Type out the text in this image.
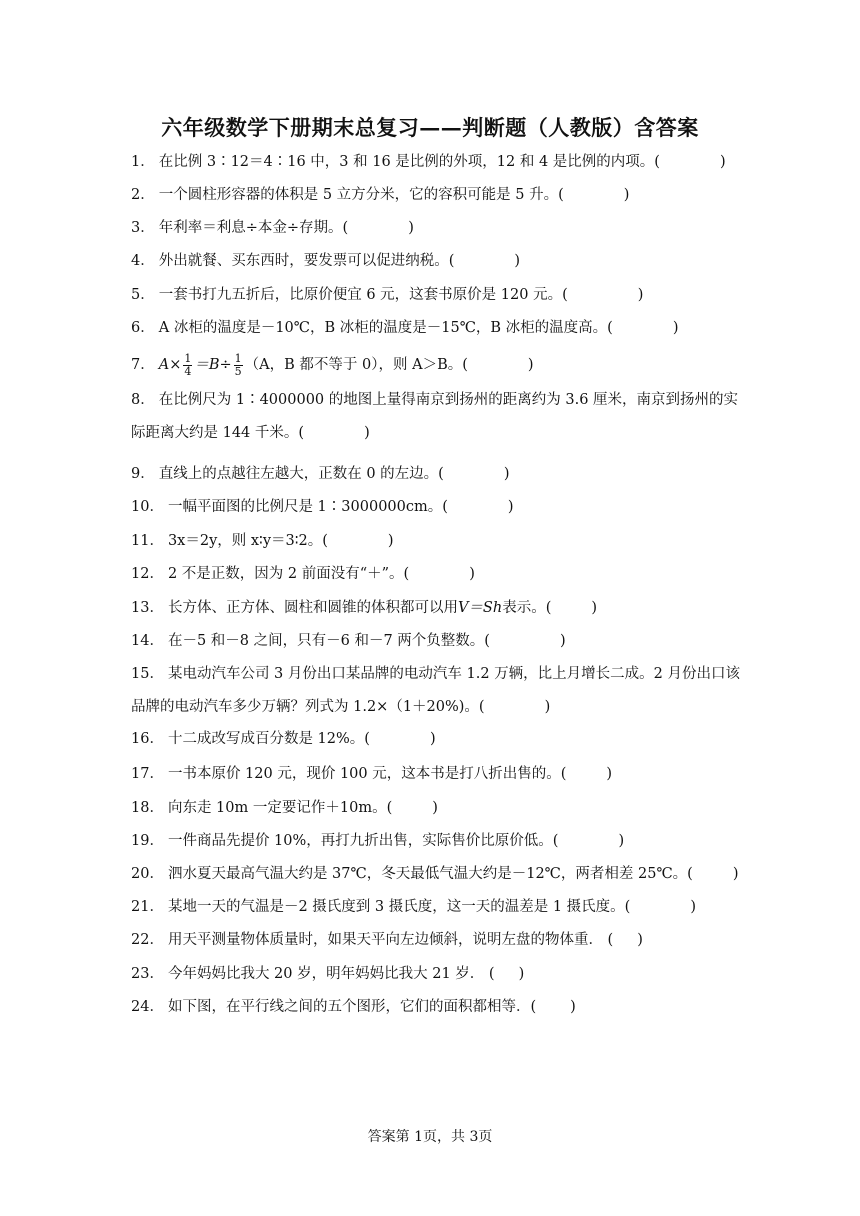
六年级数学下册期末总复习——判断题（人教版）含答案
1． 在比例 3∶12＝4∶16 中，3 和 16 是比例的外项，12 和 4 是比例的内项。(	)
2． 一个圆柱形容器的体积是 5 立方分米，它的容积可能是 5 升。(	)
3． 年利率＝利息÷本金÷存期。(	)
4． 外出就餐、买东西时，要发票可以促进纳税。(	)
5． 一套书打九五折后，比原价便宜 6 元，这套书原价是 120 元。(	)
6． A 冰柜的温度是－10℃，B 冰柜的温度是－15℃，B 冰柜的温度高。(	)
7． $A\times \frac{1}{4} =B\div \frac{1}{5} (A$，B 都不等于 0），则 A＞B。(	)
8． 在比例尺为 1∶4000000 的地图上量得南京到扬州的距离约为 3.6 厘米，南京到扬州的实际距离大约是 144 千米。(	)
9． 直线上的点越往左越大，正数在 0 的左边。(	)
10． 一幅平面图的比例尺是 1∶3000000cm。(	)
11． 3x＝2y，则 x∶y＝3∶2。(	)
12． 2 不是正数，因为 2 前面没有“＋”。(	)
13． 长方体、正方体、圆柱和圆锥的体积都可以用V＝Sh表示。(	)
14． 在－5 和－8 之间，只有－6 和－7 两个负整数。(	)
15． 某电动汽车公司 3 月份出口某品牌的电动汽车 1.2 万辆，比上月增长二成。2 月份出口该品牌的电动汽车多少万辆？列式为 1.2×（1＋20%)。(	)
16． 十二成改写成百分数是 12%。(	)
17． 一书本原价 120 元，现价 100 元，这本书是打八折出售的。(	)
18． 向东走 10m 一定要记作＋10m。(	)
19． 一件商品先提价 10%，再打九折出售，实际售价比原价低。(	)
20． 泗水夏天最高气温大约是 37℃，冬天最低气温大约是－12℃，两者相差 25℃。(	)
21． 某地一天的气温是－2 摄氏度到 3 摄氏度，这一天的温差是 1 摄氏度。(	)
22． 用天平测量物体质量时，如果天平向左边倾斜，说明左盘的物体重． ( )
23． 今年妈妈比我大 20 岁，明年妈妈比我大 21 岁． ( )
24． 如下图，在平行线之间的五个图形，它们的面积都相等．( )
答案第 1页，共 3页
